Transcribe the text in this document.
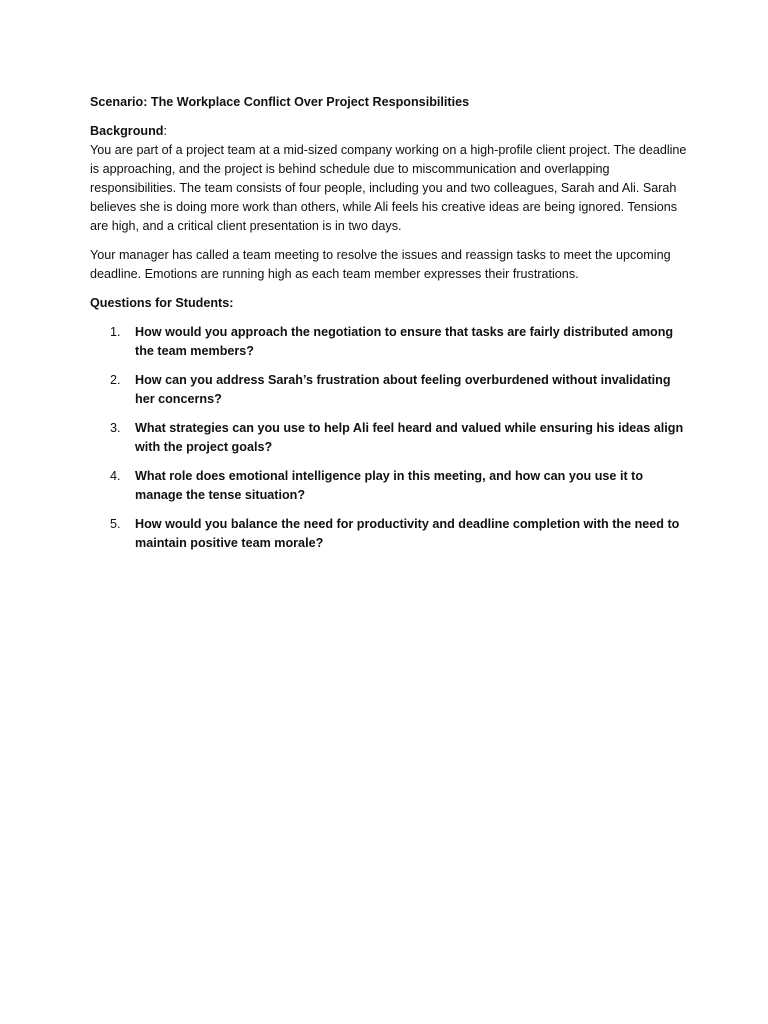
Scenario: The Workplace Conflict Over Project Responsibilities

Background:

You are part of a project team at a mid-sized company working on a high-profile client project. The deadline is approaching, and the project is behind schedule due to miscommunication and overlapping responsibilities. The team consists of four people, including you and two colleagues, Sarah and Ali. Sarah believes she is doing more work than others, while Ali feels his creative ideas are being ignored. Tensions are high, and a critical client presentation is in two days.

Your manager has called a team meeting to resolve the issues and reassign tasks to meet the upcoming deadline. Emotions are running high as each team member expresses their frustrations.

Questions for Students:

1. How would you approach the negotiation to ensure that tasks are fairly distributed among the team members?
2. How can you address Sarah’s frustration about feeling overburdened without invalidating her concerns?
3. What strategies can you use to help Ali feel heard and valued while ensuring his ideas align with the project goals?
4. What role does emotional intelligence play in this meeting, and how can you use it to manage the tense situation?
5. How would you balance the need for productivity and deadline completion with the need to maintain positive team morale?
